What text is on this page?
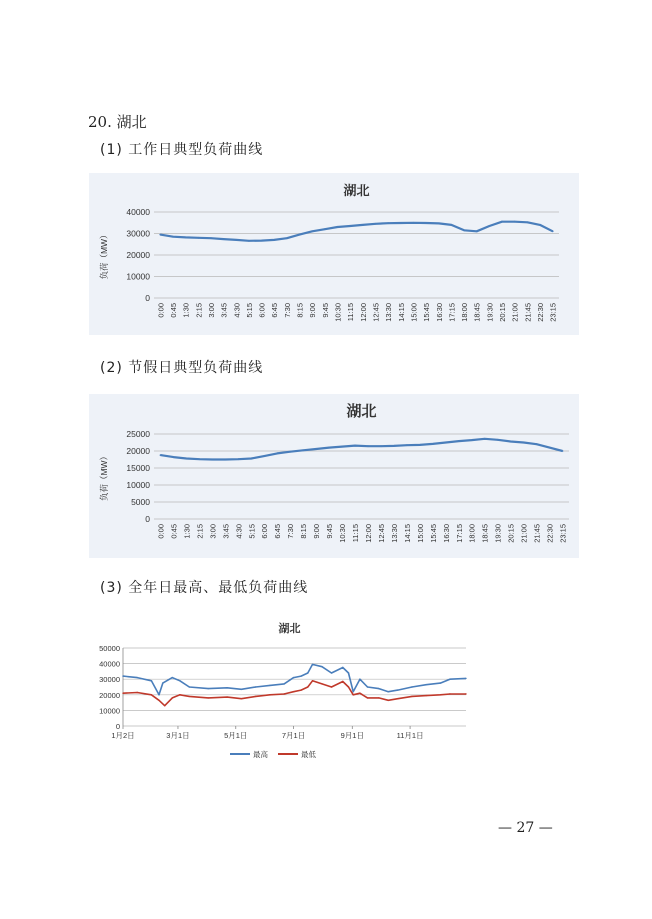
20. 湖北
(1) 工作日典型负荷曲线
(2) 节假日典型负荷曲线
(3) 全年日最高、最低负荷曲线
湖北
0
10000
20000
30000
40000
负荷（MW）
0:00 0:45 1:30 2:15 3:00 3:45 4:30 5:15 6:00 6:45 7:30 8:15 9:00 9:45 10:30 11:15 12:00 12:45 13:30 14:15 15:00 15:45 16:30 17:15 18:00 18:45 19:30 20:15 21:00 21:45 22:30 23:15
湖北
0
5000
10000
15000
20000
25000
负荷（MW）
0:00 0:45 1:30 2:15 3:00 3:45 4:30 5:15 6:00 6:45 7:30 8:15 9:00 9:45 10:30 11:15 12:00 12:45 13:30 14:15 15:00 15:45 16:30 17:15 18:00 18:45 19:30 20:15 21:00 21:45 22:30 23:15
湖北
0
10000
20000
30000
40000
50000
1月2日	3月1日	5月1日	7月1日	9月1日	11月1日
最高	最低
— 27 —
